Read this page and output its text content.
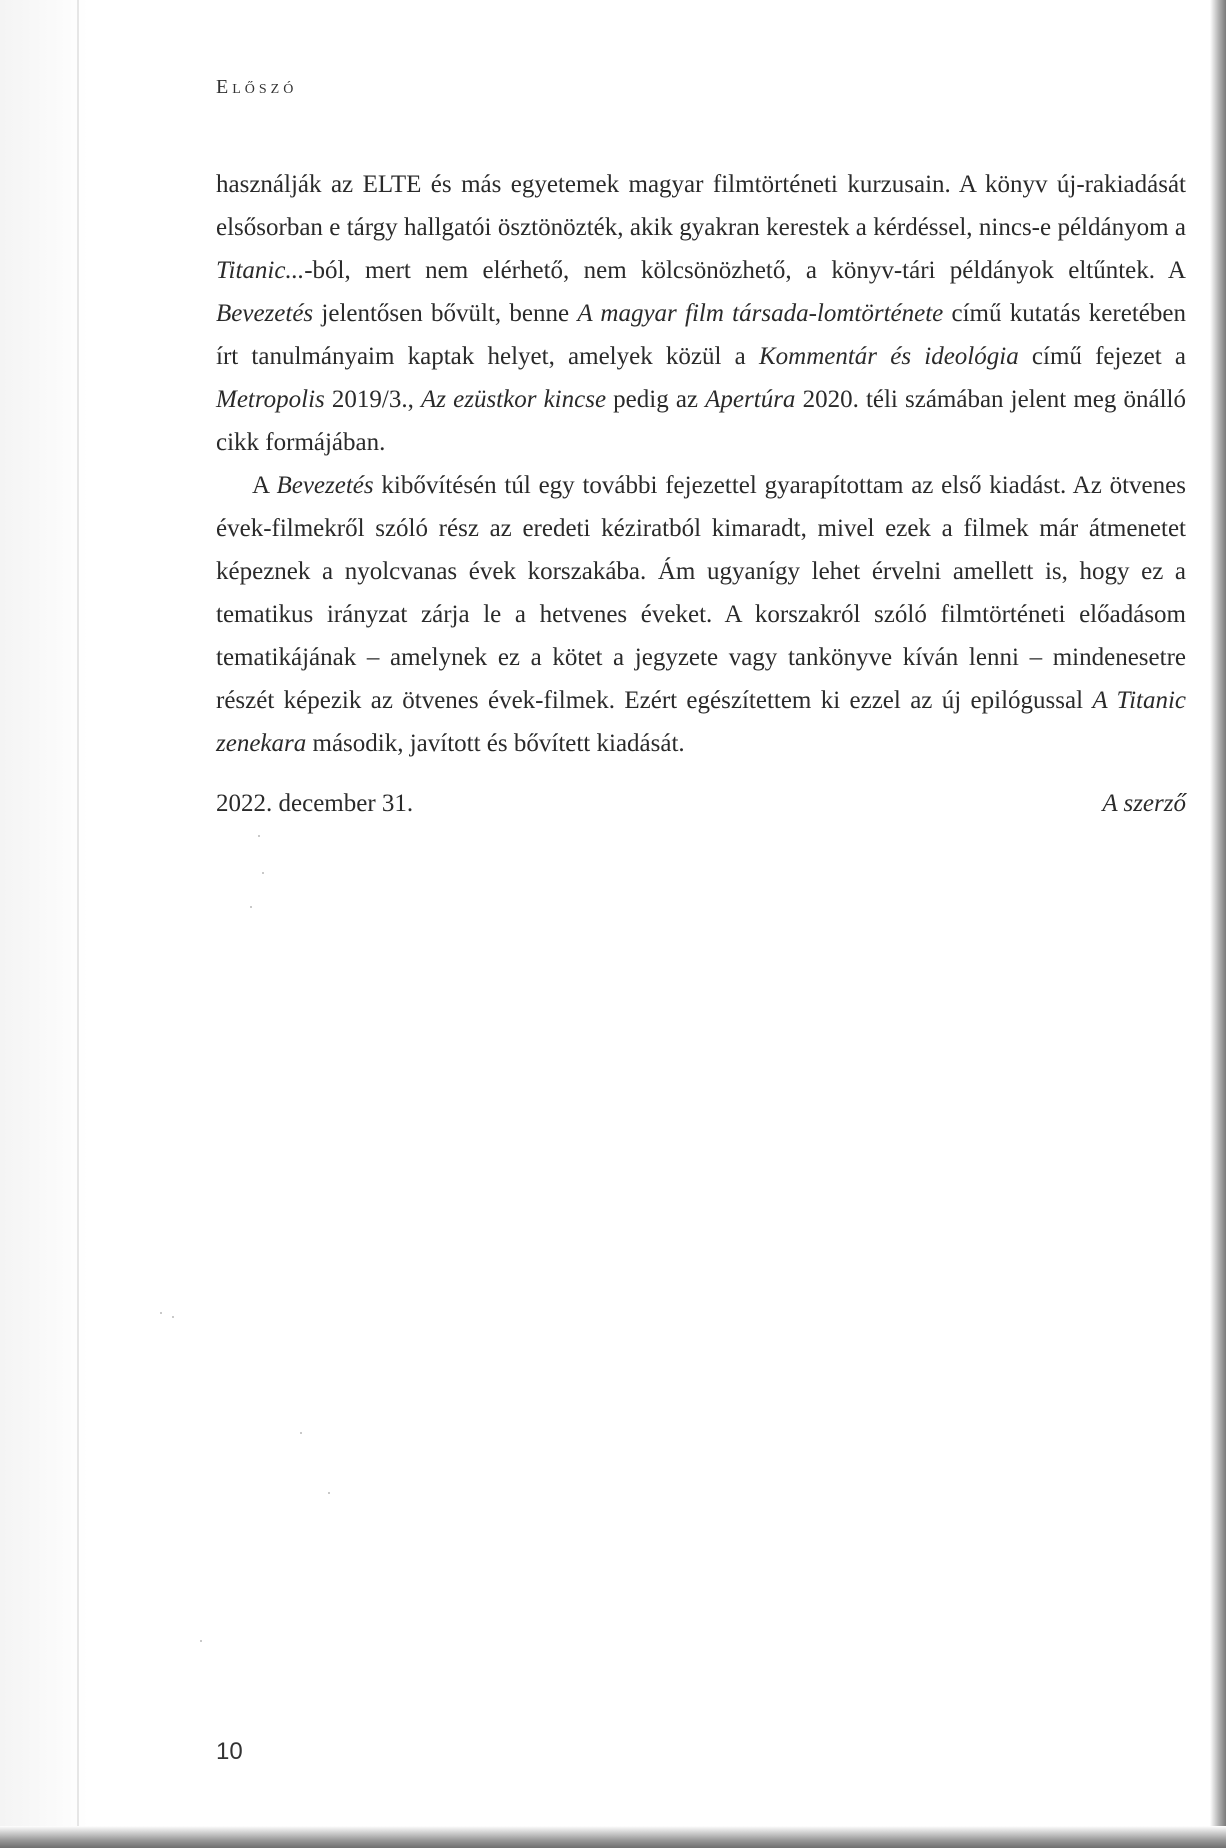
Előszó

használják az ELTE és más egyetemek magyar filmtörténeti kurzusain. A könyv új-rakiadását elsősorban e tárgy hallgatói ösztönözték, akik gyakran kerestek a kérdéssel, nincs-e példányom a Titanic...-ból, mert nem elérhető, nem kölcsönözhető, a könyv-tári példányok eltűntek. A Bevezetés jelentősen bővült, benne A magyar film társada-lomtörténete című kutatás keretében írt tanulmányaim kaptak helyet, amelyek közül a Kommentár és ideológia című fejezet a Metropolis 2019/3., Az ezüstkor kincse pedig az Apertúra 2020. téli számában jelent meg önálló cikk formájában.

A Bevezetés kibővítésén túl egy további fejezettel gyarapítottam az első kiadást. Az ötvenes évek-filmekről szóló rész az eredeti kéziratból kimaradt, mivel ezek a filmek már átmenetet képeznek a nyolcvanas évek korszakába. Ám ugyanígy lehet érvelni amellett is, hogy ez a tematikus irányzat zárja le a hetvenes éveket. A korszakról szóló filmtörténeti előadásom tematikájának – amelynek ez a kötet a jegyzete vagy tankönyve kíván lenni – mindenesetre részét képezik az ötvenes évek-filmek. Ezért egészítettem ki ezzel az új epilógussal A Titanic zenekara második, javított és bővített kiadását.

2022. december 31.	A szerző
10
